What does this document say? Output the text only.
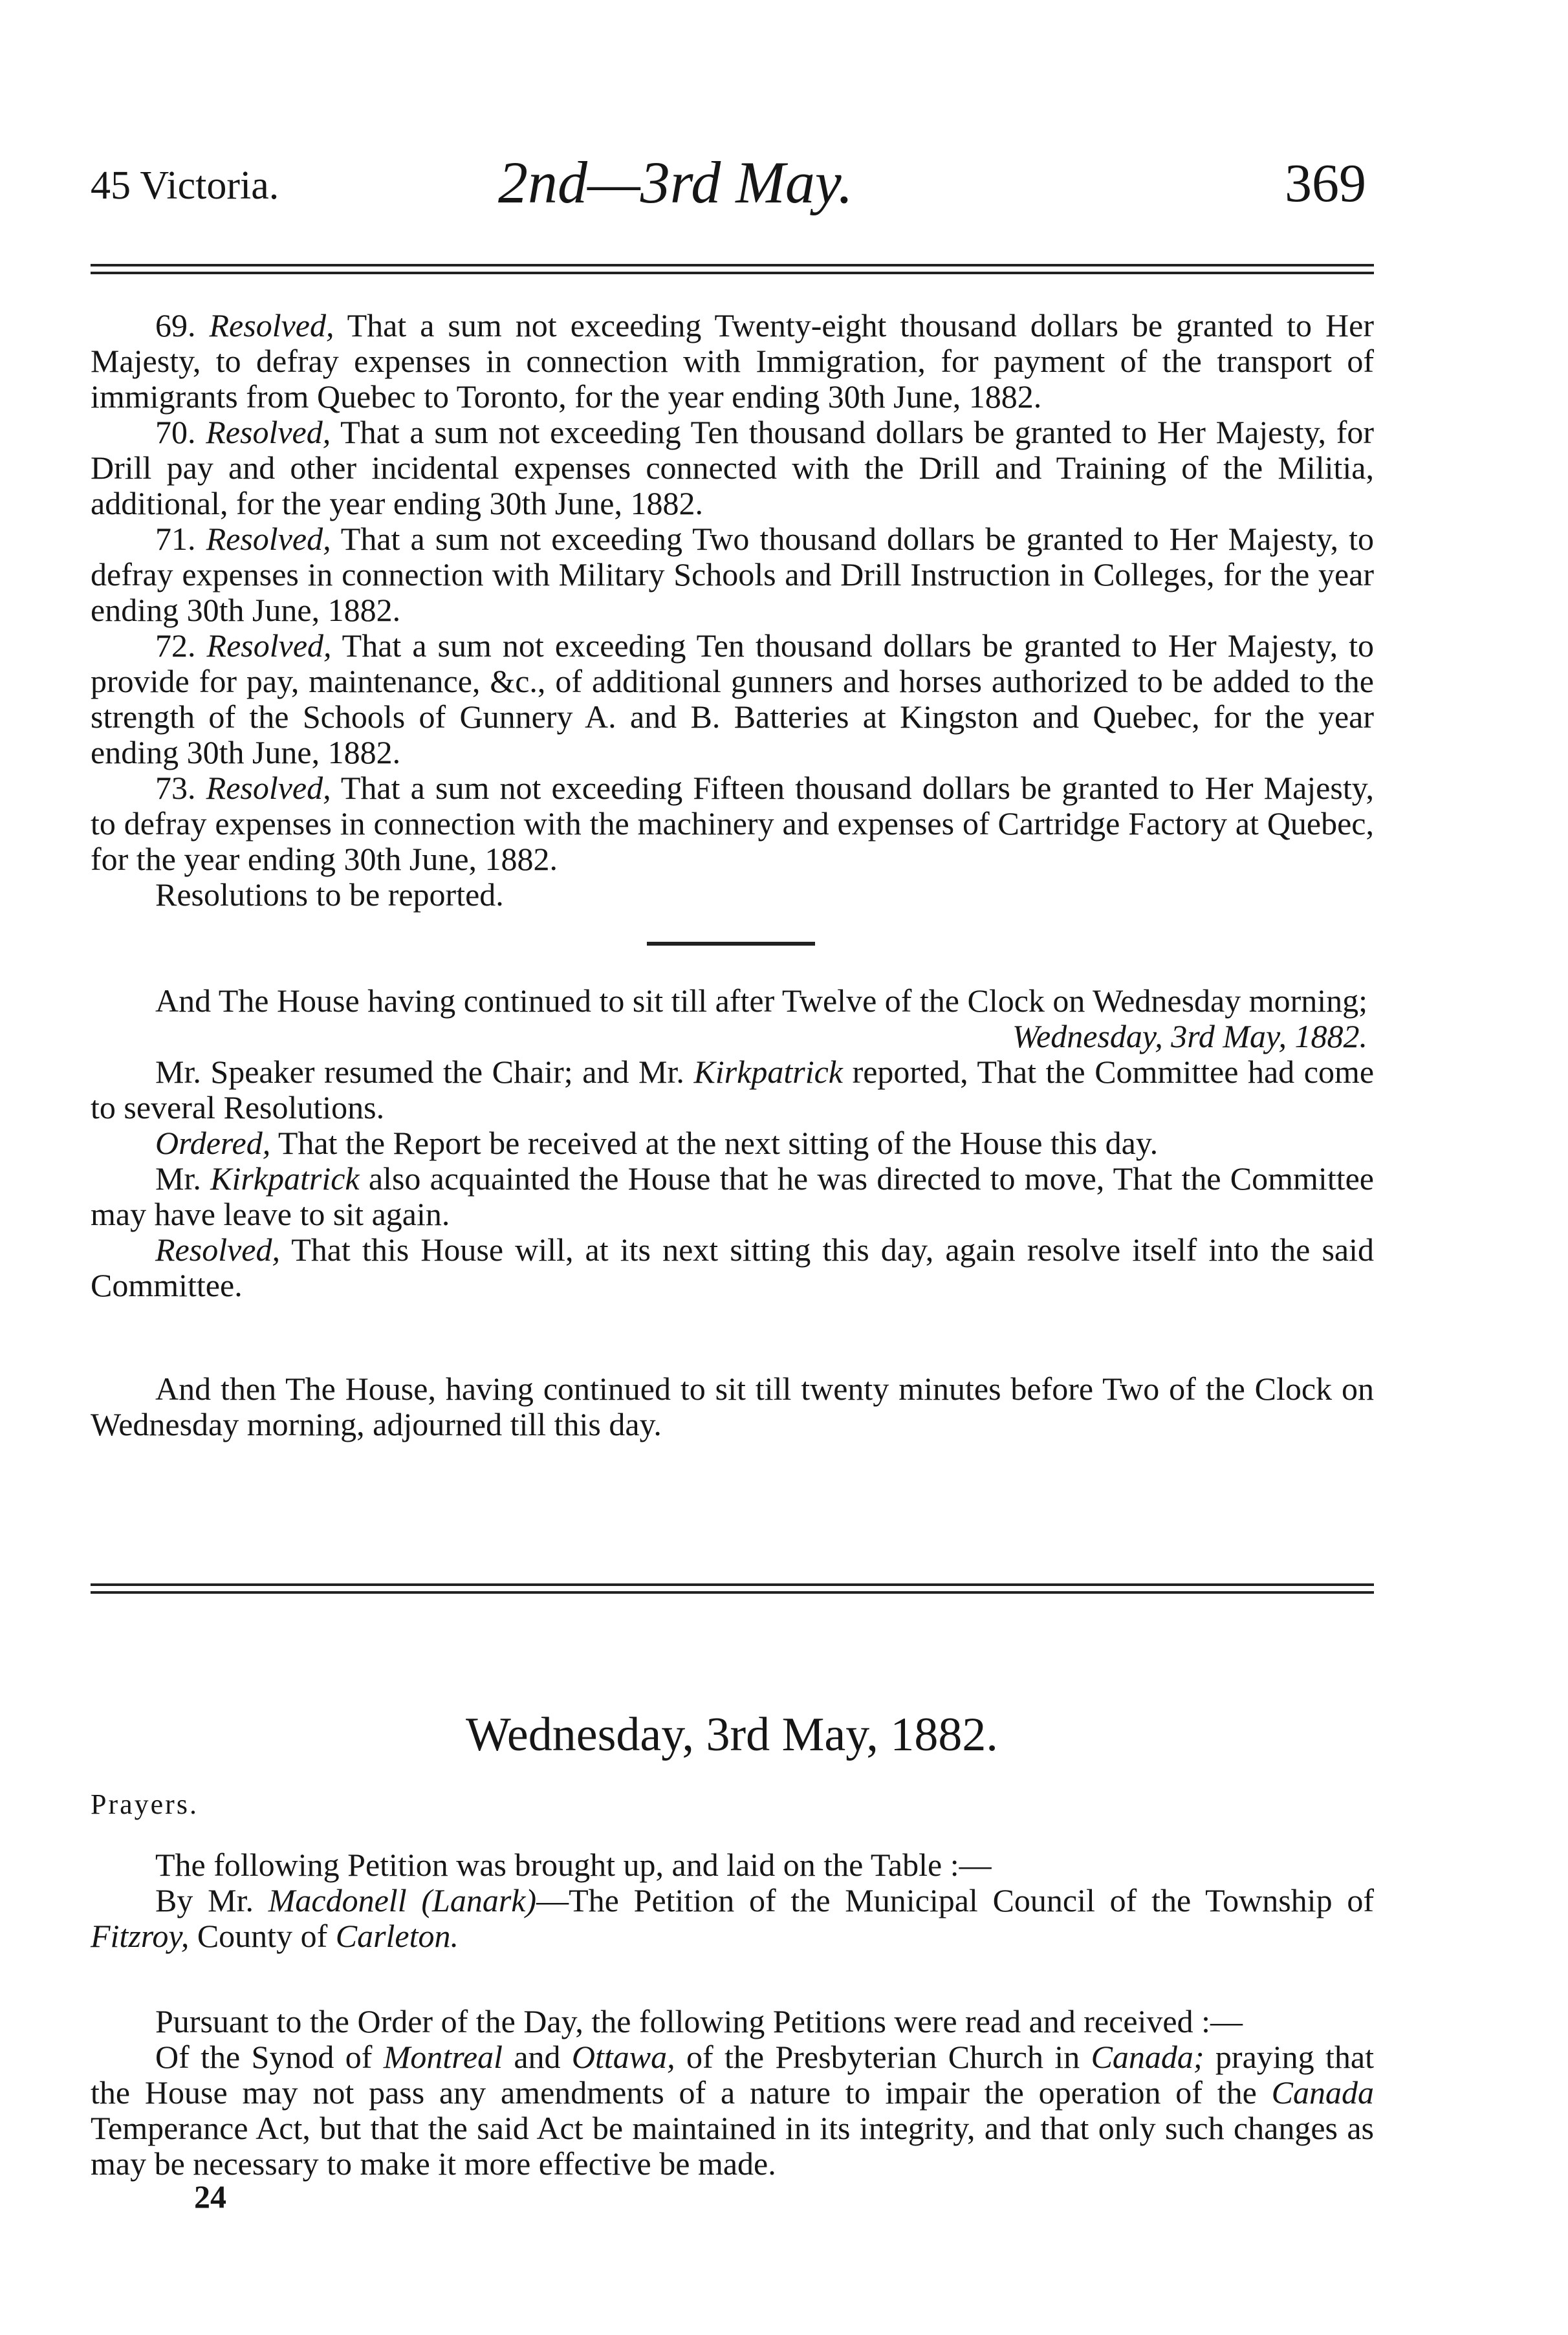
45 Victoria.	2nd—3rd May.	369

69. Resolved, That a sum not exceeding Twenty-eight thousand dollars be granted to Her Majesty, to defray expenses in connection with Immigration, for payment of the transport of immigrants from Quebec to Toronto, for the year ending 30th June, 1882.

70. Resolved, That a sum not exceeding Ten thousand dollars be granted to Her Majesty, for Drill pay and other incidental expenses connected with the Drill and Training of the Militia, additional, for the year ending 30th June, 1882.

71. Resolved, That a sum not exceeding Two thousand dollars be granted to Her Majesty, to defray expenses in connection with Military Schools and Drill Instruction in Colleges, for the year ending 30th June, 1882.

72. Resolved, That a sum not exceeding Ten thousand dollars be granted to Her Majesty, to provide for pay, maintenance, &c., of additional gunners and horses authorized to be added to the strength of the Schools of Gunnery A. and B. Batteries at Kingston and Quebec, for the year ending 30th June, 1882.

73. Resolved, That a sum not exceeding Fifteen thousand dollars be granted to Her Majesty, to defray expenses in connection with the machinery and expenses of Cartridge Factory at Quebec, for the year ending 30th June, 1882.

Resolutions to be reported.

And The House having continued to sit till after Twelve of the Clock on Wednesday morning;

Wednesday, 3rd May, 1882.

Mr. Speaker resumed the Chair; and Mr. Kirkpatrick reported, That the Committee had come to several Resolutions.

Ordered, That the Report be received at the next sitting of the House this day.

Mr. Kirkpatrick also acquainted the House that he was directed to move, That the Committee may have leave to sit again.

Resolved, That this House will, at its next sitting this day, again resolve itself into the said Committee.

And then The House, having continued to sit till twenty minutes before Two of the Clock on Wednesday morning, adjourned till this day.

Wednesday, 3rd May, 1882.
Prayers.

The following Petition was brought up, and laid on the Table :—

By Mr. Macdonell (Lanark)—The Petition of the Municipal Council of the Township of Fitzroy, County of Carleton.

Pursuant to the Order of the Day, the following Petitions were read and received :—

Of the Synod of Montreal and Ottawa, of the Presbyterian Church in Canada; praying that the House may not pass any amendments of a nature to impair the operation of the Canada Temperance Act, but that the said Act be maintained in its integrity, and that only such changes as may be necessary to make it more effective be made.

24
